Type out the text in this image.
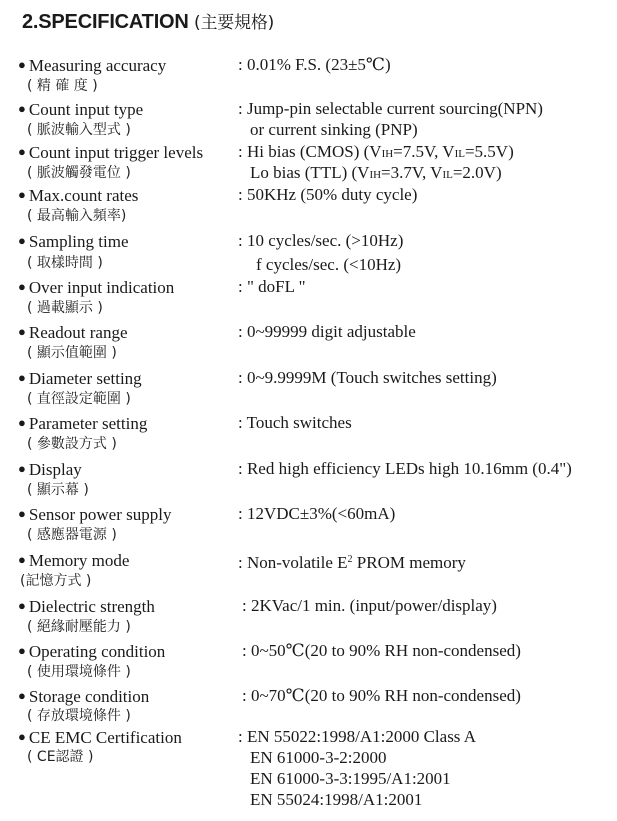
2.SPECIFICATION (主要規格)
● Measuring accuracy
( 精 確 度 )
: 0.01% F.S. (23±5℃)
● Count input type
( 脈波輸入型式 )
: Jump-pin selectable current sourcing(NPN)
or current sinking (PNP)
● Count input trigger levels
( 脈波觸發電位 )
: Hi bias (CMOS) (VIH=7.5V, VIL=5.5V)
Lo bias (TTL) (VIH=3.7V, VIL=2.0V)
● Max.count rates
( 最高輸入頻率)
: 50KHz (50% duty cycle)
● Sampling time
( 取樣時間 )
: 10 cycles/sec. (>10Hz)
f cycles/sec. (<10Hz)
● Over input indication
( 過載顯示 )
: " doFL "
● Readout range
( 顯示值範圍 )
: 0~99999 digit adjustable
● Diameter setting
( 直徑設定範圍 )
: 0~9.9999M (Touch switches setting)
● Parameter setting
( 參數設方式 )
: Touch switches
● Display
( 顯示幕 )
: Red high efficiency LEDs high 10.16mm (0.4")
● Sensor power supply
( 感應器電源 )
: 12VDC±3%(<60mA)
● Memory mode
(記憶方式 )
: Non-volatile $E^2$ PROM memory
● Dielectric strength
( 絕緣耐壓能力 )
: 2KVac/1 min. (input/power/display)
● Operating condition
( 使用環境條件 )
: 0~50℃(20 to 90% RH non-condensed)
● Storage condition
( 存放環境條件 )
: 0~70℃(20 to 90% RH non-condensed)
● CE EMC Certification
( CE認證 )
: EN 55022:1998/A1:2000 Class A
EN 61000-3-2:2000
EN 61000-3-3:1995/A1:2001
EN 55024:1998/A1:2001
